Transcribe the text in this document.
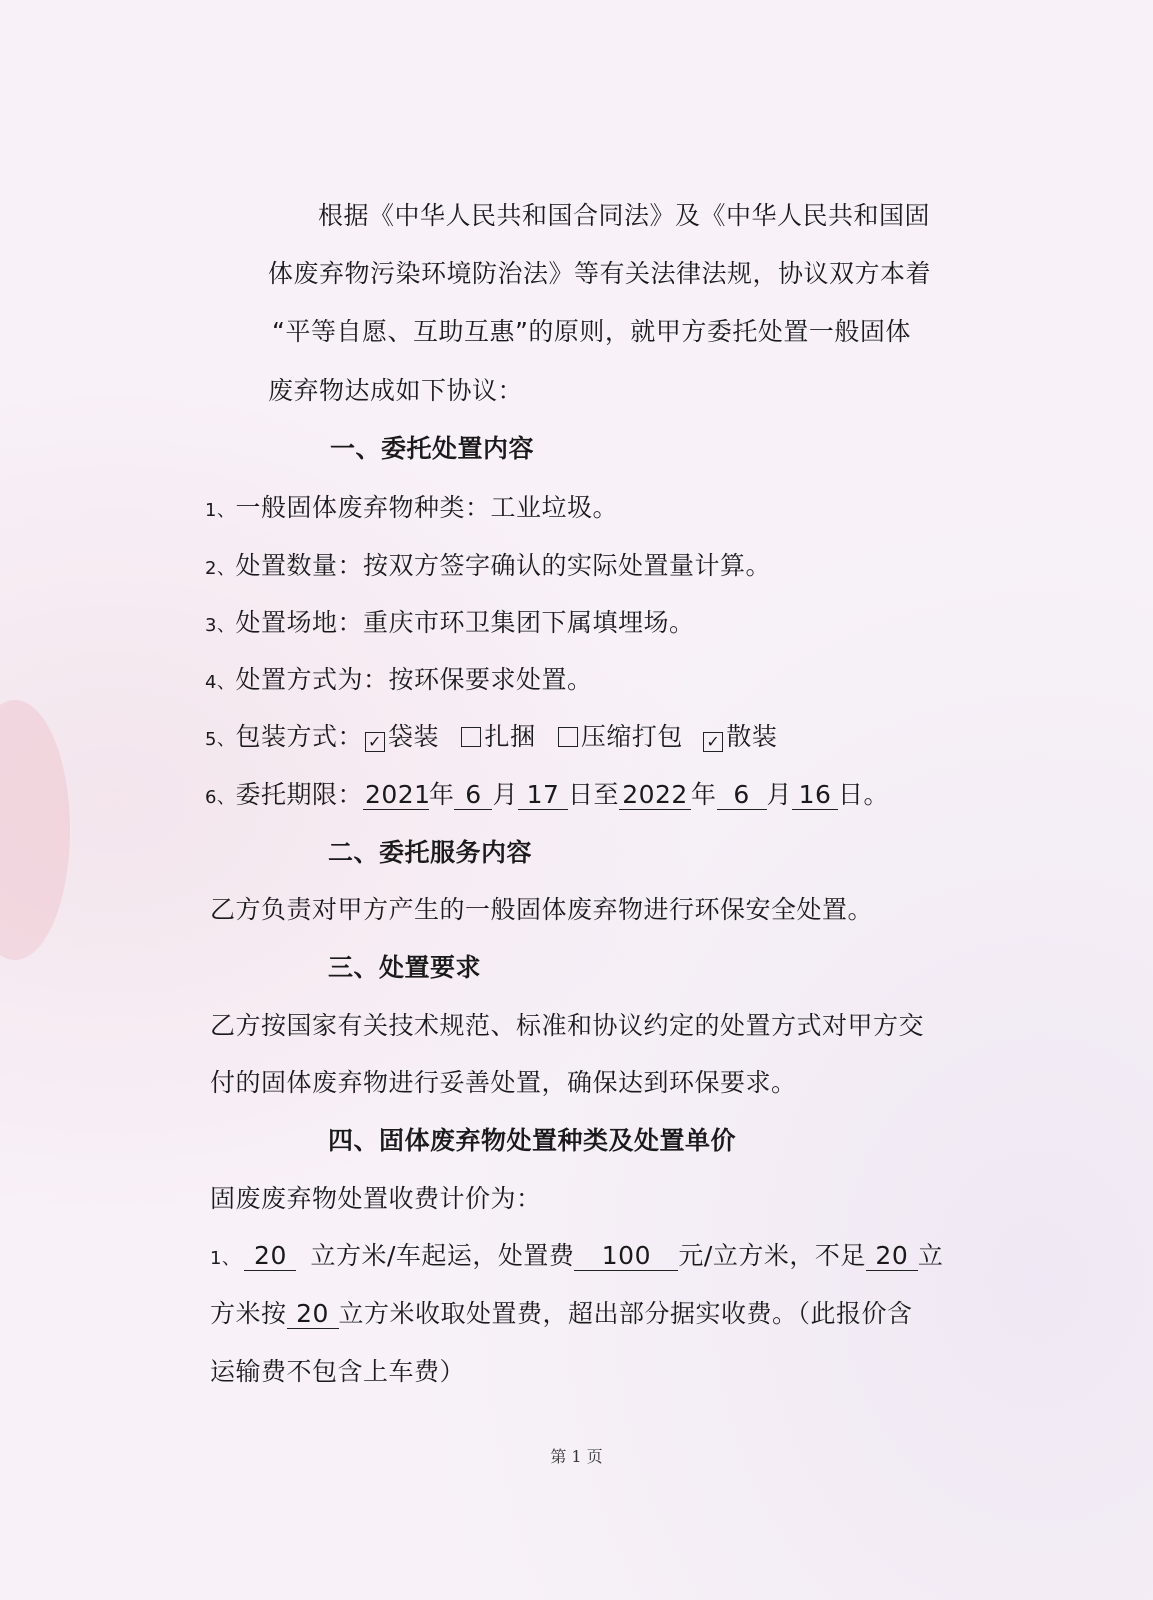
根据《中华人民共和国合同法》及《中华人民共和国固
体废弃物污染环境防治法》等有关法律法规，协议双方本着
“平等自愿、互助互惠”的原则，就甲方委托处置一般固体
废弃物达成如下协议：
一、委托处置内容
1、一般固体废弃物种类：工业垃圾。
2、处置数量：按双方签字确认的实际处置量计算。
3、处置场地：重庆市环卫集团下属填埋场。
4、处置方式为：按环保要求处置。
5、包装方式： ✓ 袋装 扎捆 压缩打包 ✓ 散装
6、委托期限：2021年 6 月 17 日至 2022 年 6 月 16 日。
二、委托服务内容
乙方负责对甲方产生的一般固体废弃物进行环保安全处置。
三、处置要求
乙方按国家有关技术规范、标准和协议约定的处置方式对甲方交
付的固体废弃物进行妥善处置，确保达到环保要求。
四、固体废弃物处置种类及处置单价
固废废弃物处置收费计价为：
1、 20 立方米/车起运，处置费 100 元/立方米，不足 20 立
方米按 20 立方米收取处置费，超出部分据实收费。（此报价含
运输费不包含上车费）
第 1 页
